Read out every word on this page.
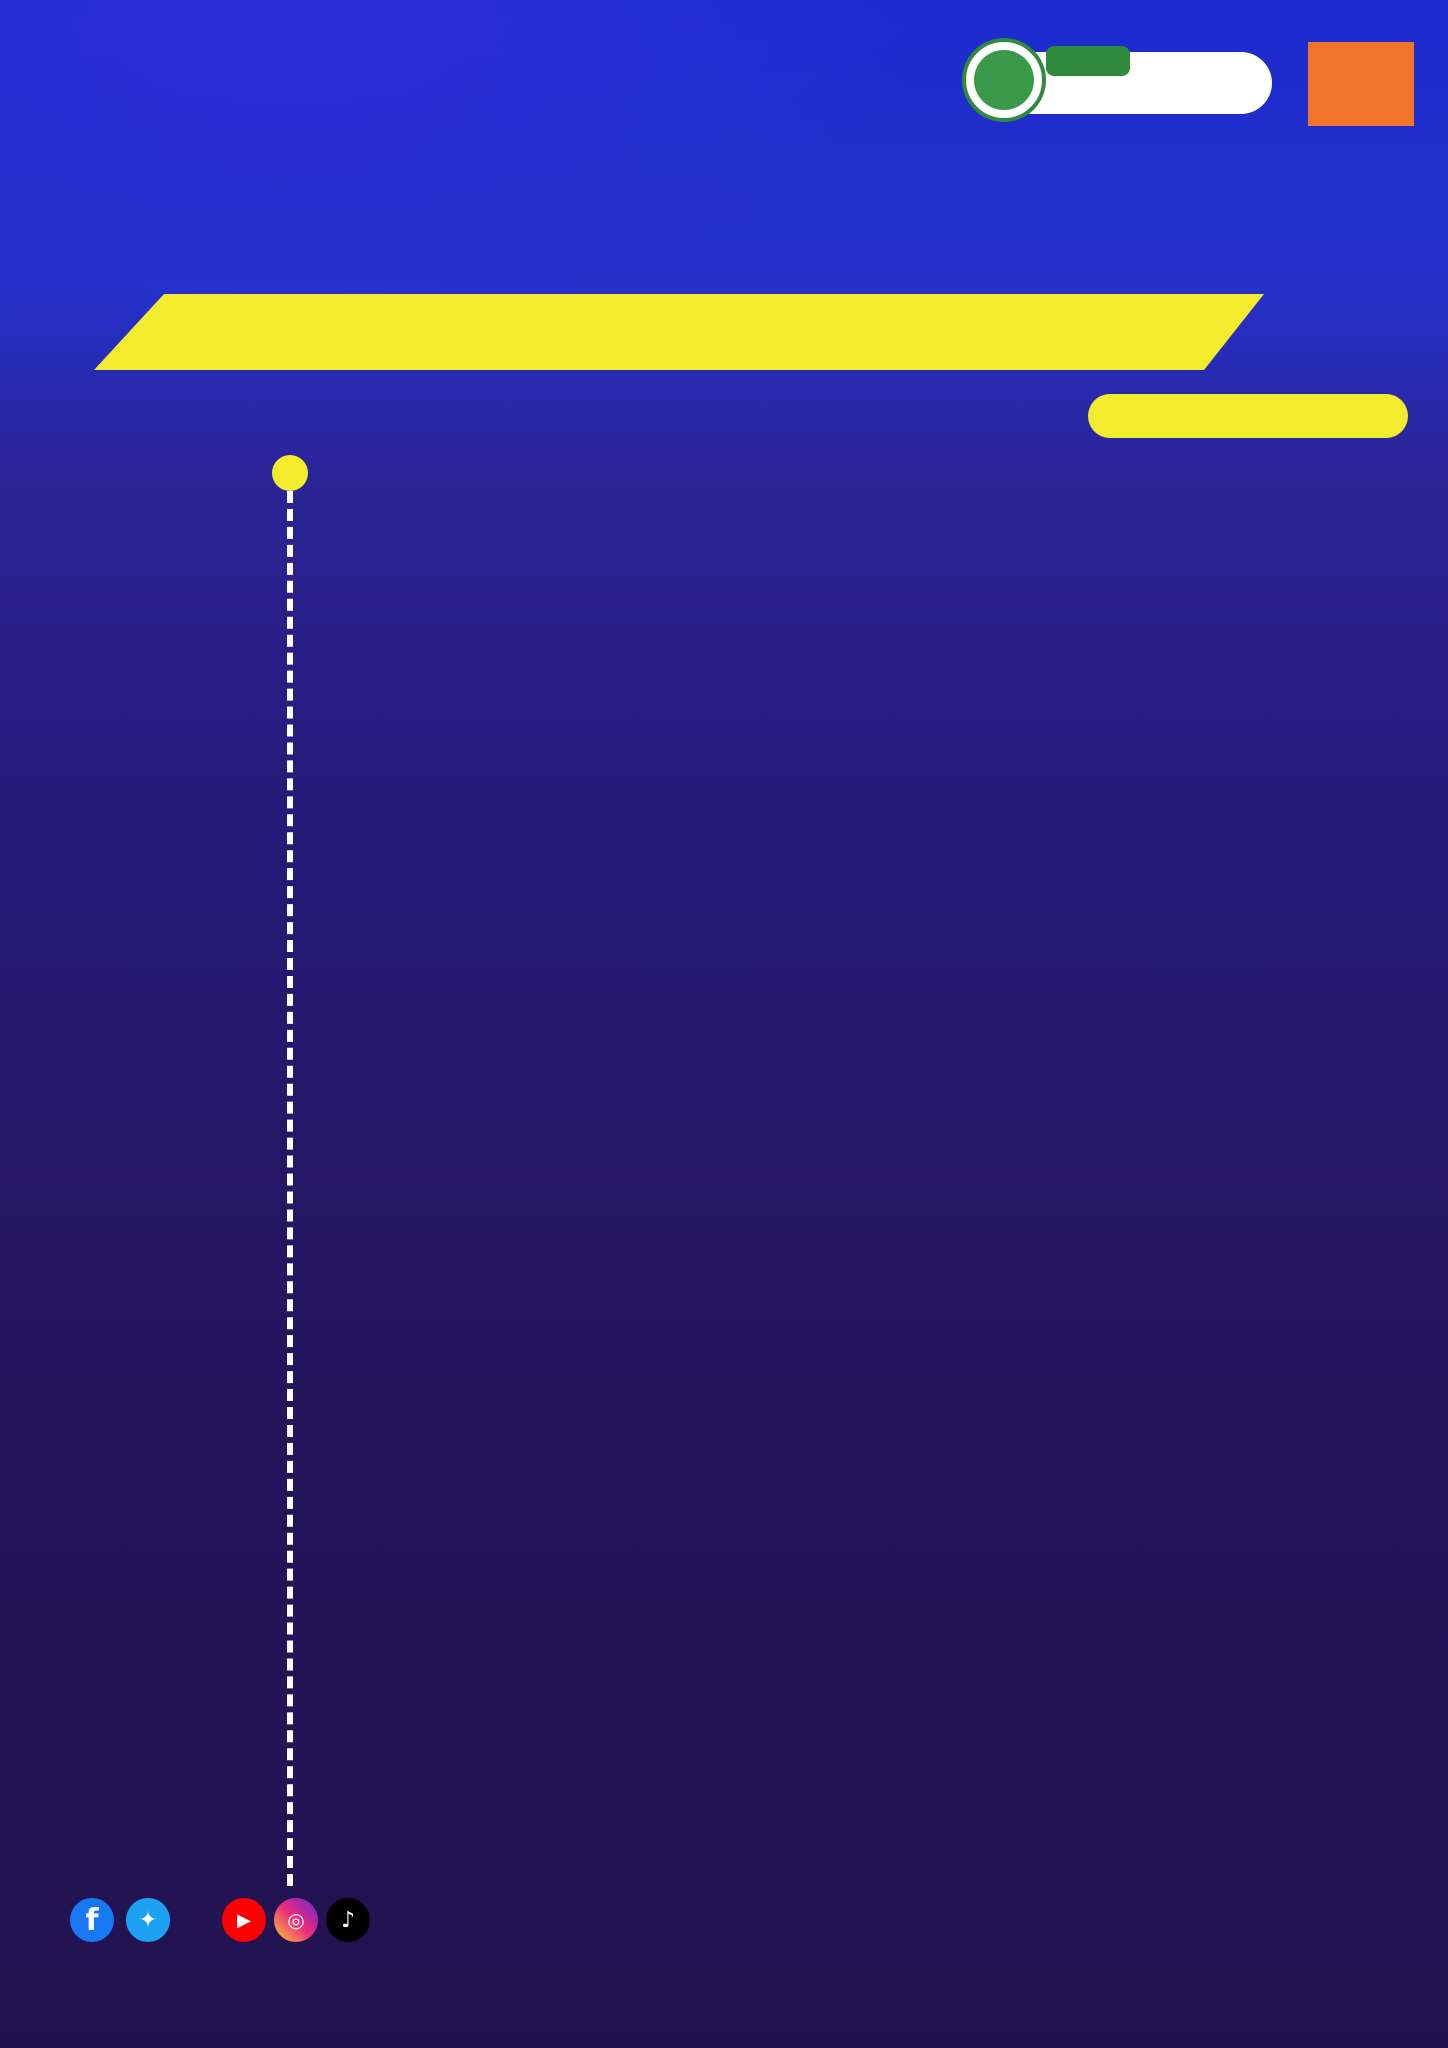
f	✦	▶	◎	♪
